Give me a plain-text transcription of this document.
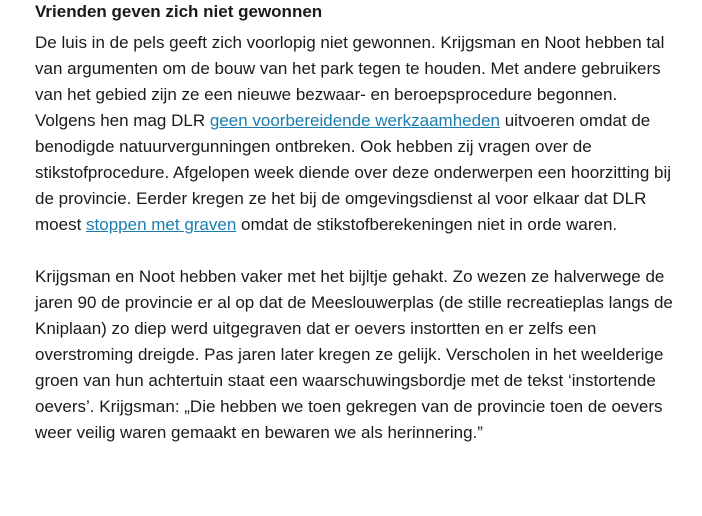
Vrienden geven zich niet gewonnen

De luis in de pels geeft zich voorlopig niet gewonnen. Krijgsman en Noot hebben tal van argumenten om de bouw van het park tegen te houden. Met andere gebruikers van het gebied zijn ze een nieuwe bezwaar- en beroepsprocedure begonnen. Volgens hen mag DLR geen voorbereidende werkzaamheden uitvoeren omdat de benodigde natuurvergunningen ontbreken. Ook hebben zij vragen over de stikstofprocedure. Afgelopen week diende over deze onderwerpen een hoorzitting bij de provincie. Eerder kregen ze het bij de omgevingsdienst al voor elkaar dat DLR moest stoppen met graven omdat de stikstofberekeningen niet in orde waren.

Krijgsman en Noot hebben vaker met het bijltje gehakt. Zo wezen ze halverwege de jaren 90 de provincie er al op dat de Meeslouwerplas (de stille recreatieplas langs de Kniplaan) zo diep werd uitgegraven dat er oevers instortten en er zelfs een overstroming dreigde. Pas jaren later kregen ze gelijk. Verscholen in het weelderige groen van hun achtertuin staat een waarschuwingsbordje met de tekst ‘instortende oevers’. Krijgsman: „Die hebben we toen gekregen van de provincie toen de oevers weer veilig waren gemaakt en bewaren we als herinnering.”
